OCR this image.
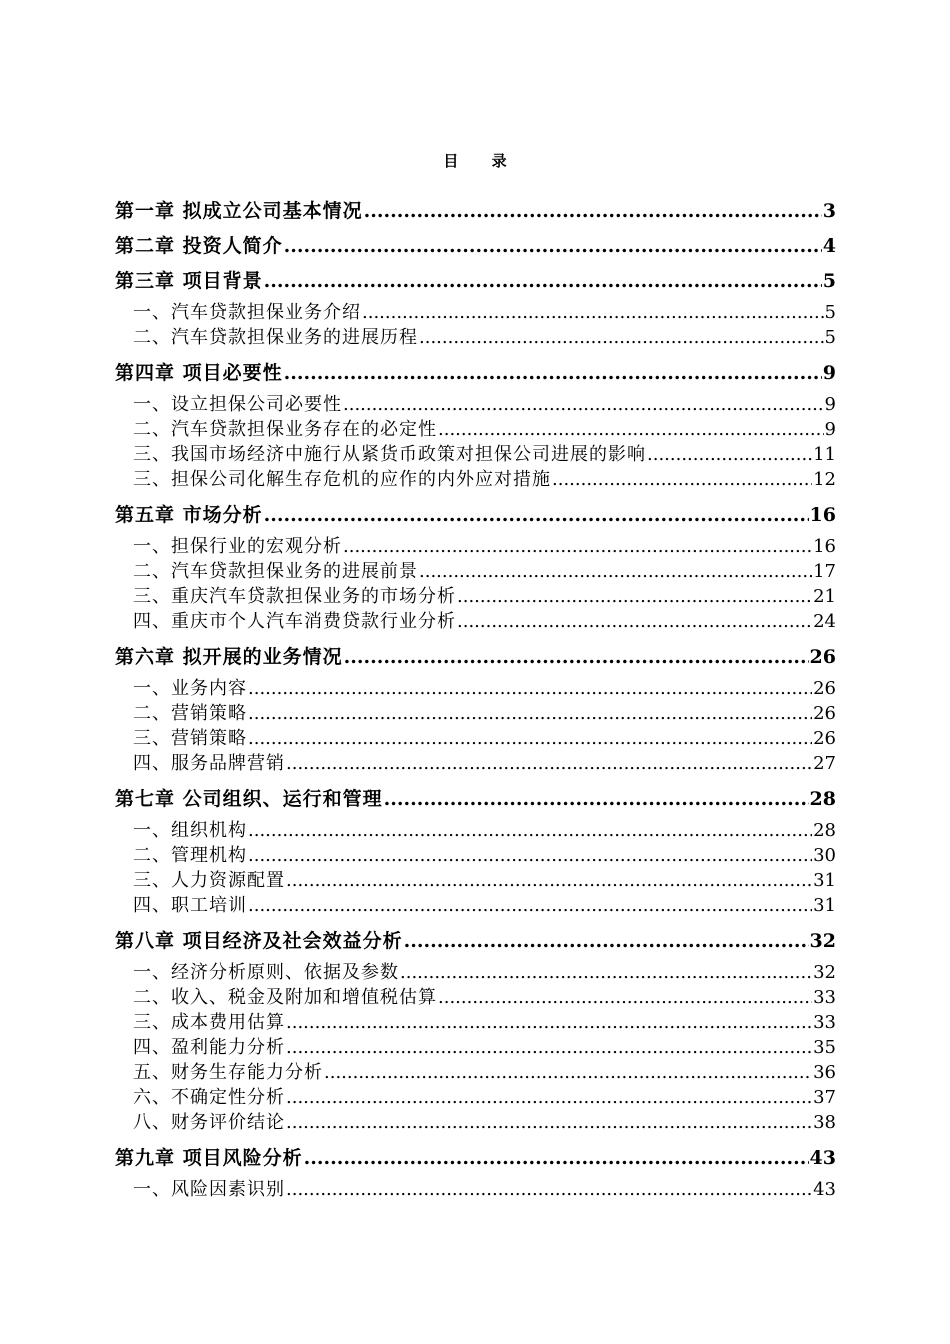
目 录
第一章 拟成立公司基本情况 .....	3
第二章 投资人简介 .....	4
第三章 项目背景 .....	5
一、汽车贷款担保业务介绍 .....	5
二、汽车贷款担保业务的进展历程 .....	5
第四章 项目必要性 .....	9
一、设立担保公司必要性 .....	9
二、汽车贷款担保业务存在的必定性 .....	9
三、我国市场经济中施行从紧货币政策对担保公司进展的影响 .....	11
三、担保公司化解生存危机的应作的内外应对措施 .....	12
第五章 市场分析 .....	16
一、担保行业的宏观分析 .....	16
二、汽车贷款担保业务的进展前景 .....	17
三、重庆汽车贷款担保业务的市场分析 .....	21
四、重庆市个人汽车消费贷款行业分析 .....	24
第六章 拟开展的业务情况 .....	26
一、业务内容 .....	26
二、营销策略 .....	26
三、营销策略 .....	26
四、服务品牌营销 .....	27
第七章 公司组织、运行和管理 .....	28
一、组织机构 .....	28
二、管理机构 .....	30
三、人力资源配置 .....	31
四、职工培训 .....	31
第八章 项目经济及社会效益分析 .....	32
一、经济分析原则、依据及参数 .....	32
二、收入、税金及附加和增值税估算 .....	33
三、成本费用估算 .....	33
四、盈利能力分析 .....	35
五、财务生存能力分析 .....	36
六、不确定性分析 .....	37
八、财务评价结论 .....	38
第九章 项目风险分析 .....	43
一、风险因素识别 .....	43
